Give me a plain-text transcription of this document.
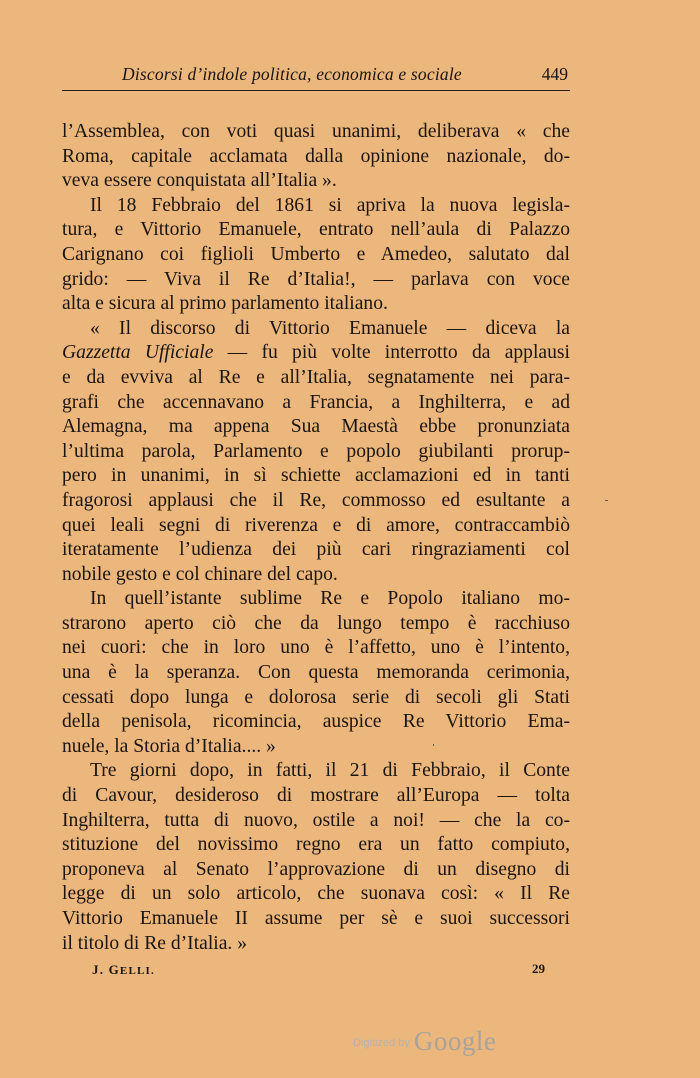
Discorsi d’indole politica, economica e sociale	449
l’Assemblea, con voti quasi unanimi, deliberava « che
Roma, capitale acclamata dalla opinione nazionale, do-
veva essere conquistata all’Italia ».
Il 18 Febbraio del 1861 si apriva la nuova legisla-
tura, e Vittorio Emanuele, entrato nell’aula di Palazzo
Carignano coi figlioli Umberto e Amedeo, salutato dal
grido: — Viva il Re d’Italia!, — parlava con voce
alta e sicura al primo parlamento italiano.
« Il discorso di Vittorio Emanuele — diceva la
Gazzetta Ufficiale — fu più volte interrotto da applausi
e da evviva al Re e all’Italia, segnatamente nei para-
grafi che accennavano a Francia, a Inghilterra, e ad
Alemagna, ma appena Sua Maestà ebbe pronunziata
l’ultima parola, Parlamento e popolo giubilanti prorup-
pero in unanimi, in sì schiette acclamazioni ed in tanti
fragorosi applausi che il Re, commosso ed esultante a
quei leali segni di riverenza e di amore, contraccambiò
iteratamente l’udienza dei più cari ringraziamenti col
nobile gesto e col chinare del capo.
In quell’istante sublime Re e Popolo italiano mo-
strarono aperto ciò che da lungo tempo è racchiuso
nei cuori: che in loro uno è l’affetto, uno è l’intento,
una è la speranza. Con questa memoranda cerimonia,
cessati dopo lunga e dolorosa serie di secoli gli Stati
della penisola, ricomincia, auspice Re Vittorio Ema-
nuele, la Storia d’Italia.... »
Tre giorni dopo, in fatti, il 21 di Febbraio, il Conte
di Cavour, desideroso di mostrare all’Europa — tolta
Inghilterra, tutta di nuovo, ostile a noi! — che la co-
stituzione del novissimo regno era un fatto compiuto,
proponeva al Senato l’approvazione di un disegno di
legge di un solo articolo, che suonava così: « Il Re
Vittorio Emanuele II assume per sè e suoi successori
il titolo di Re d’Italia. »
J. GELLI.	29
$^{Digitized by}$ Google
